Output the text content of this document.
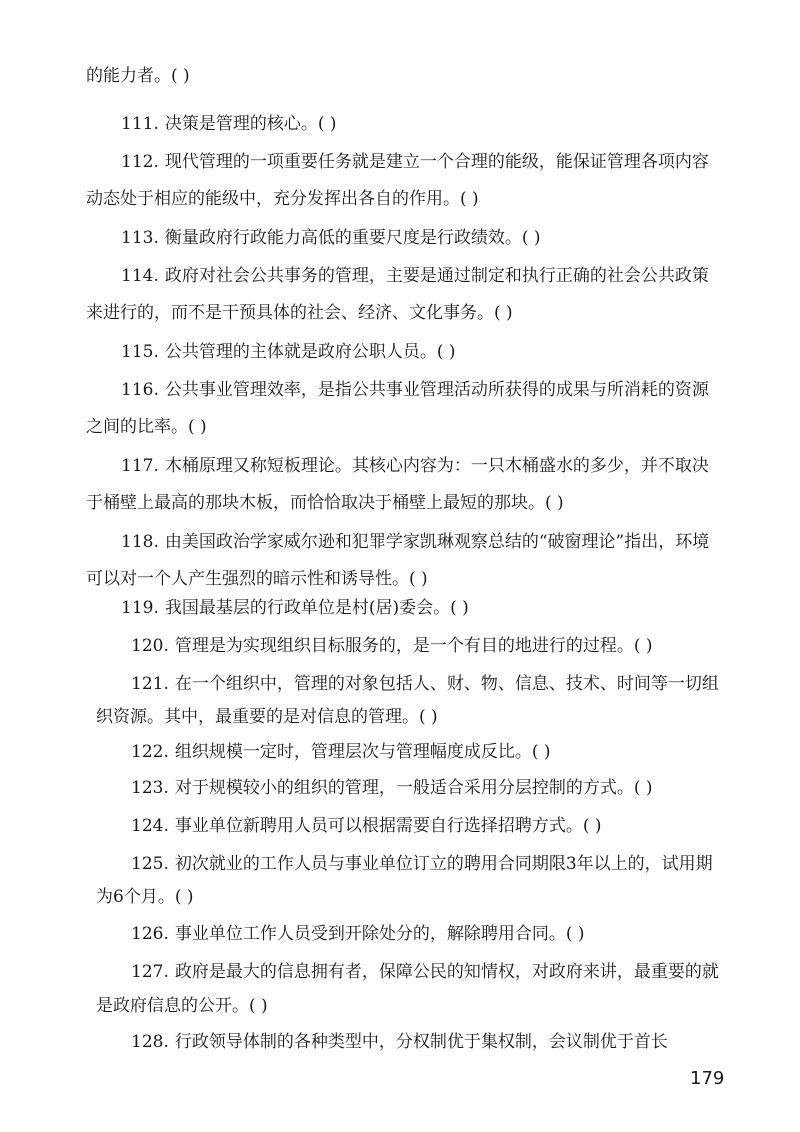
的能力者。( )
111. 决策是管理的核心。( )
112. 现代管理的一项重要任务就是建立一个合理的能级，能保证管理各项内容
动态处于相应的能级中，充分发挥出各自的作用。( )
113. 衡量政府行政能力高低的重要尺度是行政绩效。( )
114. 政府对社会公共事务的管理，主要是通过制定和执行正确的社会公共政策
来进行的，而不是干预具体的社会、经济、文化事务。( )
115. 公共管理的主体就是政府公职人员。( )
116. 公共事业管理效率，是指公共事业管理活动所获得的成果与所消耗的资源
之间的比率。( )
117. 木桶原理又称短板理论。其核心内容为：一只木桶盛水的多少，并不取决
于桶壁上最高的那块木板，而恰恰取决于桶壁上最短的那块。( )
118. 由美国政治学家威尔逊和犯罪学家凯琳观察总结的“破窗理论”指出，环境
可以对一个人产生强烈的暗示性和诱导性。( )
119. 我国最基层的行政单位是村(居)委会。( )
120. 管理是为实现组织目标服务的，是一个有目的地进行的过程。( )
121. 在一个组织中，管理的对象包括人、财、物、信息、技术、时间等一切组
织资源。其中，最重要的是对信息的管理。( )
122. 组织规模一定时，管理层次与管理幅度成反比。( )
123. 对于规模较小的组织的管理，一般适合采用分层控制的方式。( )
124. 事业单位新聘用人员可以根据需要自行选择招聘方式。( )
125. 初次就业的工作人员与事业单位订立的聘用合同期限3年以上的，试用期
为6个月。( )
126. 事业单位工作人员受到开除处分的，解除聘用合同。( )
127. 政府是最大的信息拥有者，保障公民的知情权，对政府来讲，最重要的就
是政府信息的公开。( )
128. 行政领导体制的各种类型中，分权制优于集权制，会议制优于首长
179
